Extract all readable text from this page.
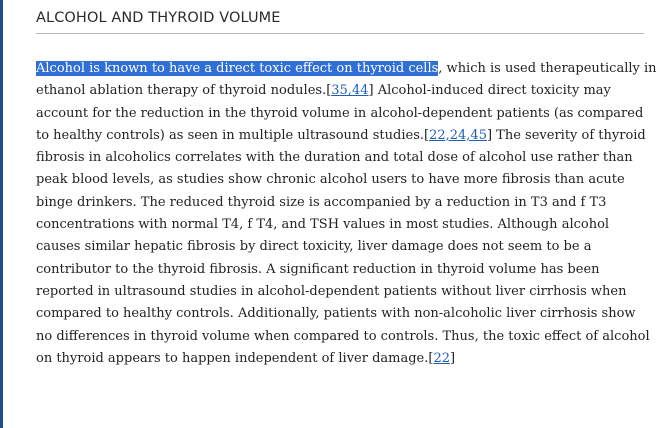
ALCOHOL AND THYROID VOLUME

Alcohol is known to have a direct toxic effect on thyroid cells, which is used therapeutically in
ethanol ablation therapy of thyroid nodules.[35,44] Alcohol-induced direct toxicity may
account for the reduction in the thyroid volume in alcohol-dependent patients (as compared
to healthy controls) as seen in multiple ultrasound studies.[22,24,45] The severity of thyroid
fibrosis in alcoholics correlates with the duration and total dose of alcohol use rather than
peak blood levels, as studies show chronic alcohol users to have more fibrosis than acute
binge drinkers. The reduced thyroid size is accompanied by a reduction in T3 and f T3
concentrations with normal T4, f T4, and TSH values in most studies. Although alcohol
causes similar hepatic fibrosis by direct toxicity, liver damage does not seem to be a
contributor to the thyroid fibrosis. A significant reduction in thyroid volume has been
reported in ultrasound studies in alcohol-dependent patients without liver cirrhosis when
compared to healthy controls. Additionally, patients with non-alcoholic liver cirrhosis show
no differences in thyroid volume when compared to controls. Thus, the toxic effect of alcohol
on thyroid appears to happen independent of liver damage.[22]
